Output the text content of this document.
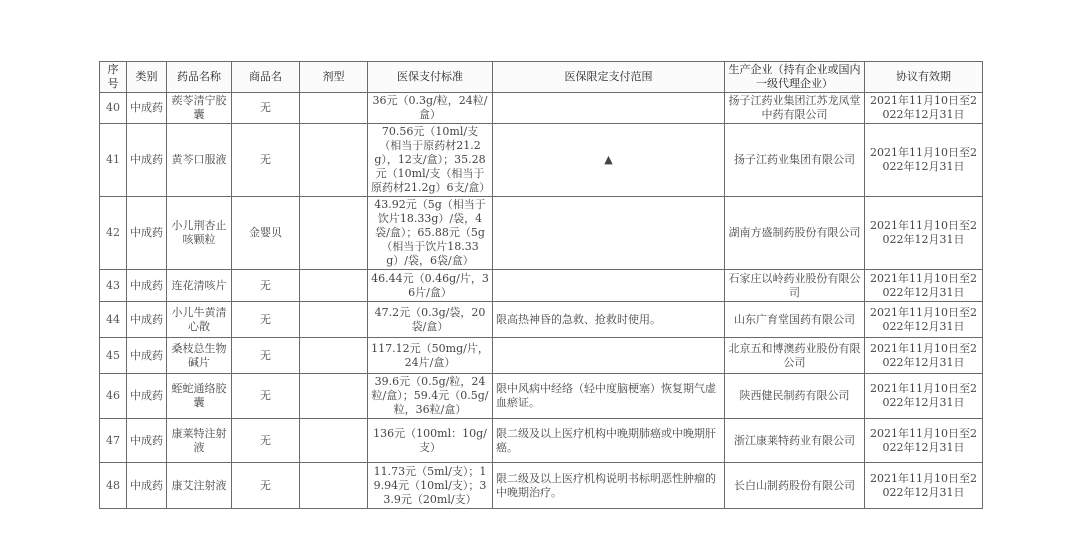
序号	类别	药品名称	商品名	剂型	医保支付标准	医保限定支付范围	生产企业（持有企业或国内一级代理企业）	协议有效期
40	中成药	蒺苓清宁胶囊	无		36元（0.3g/粒，24粒/盒）		扬子江药业集团江苏龙凤堂中药有限公司	2021年11月10日至2022年12月31日
41	中成药	黄芩口服液	无		70.56元（10ml/支（相当于原药材21.2g），12支/盒）；35.28元（10ml/支（相当于原药材21.2g）6支/盒）	▲	扬子江药业集团有限公司	2021年11月10日至2022年12月31日
42	中成药	小儿荆杏止咳颗粒	金婴贝		43.92元（5g（相当于饮片18.33g）/袋，4袋/盒）；65.88元（5g（相当于饮片18.33g）/袋，6袋/盒）		湖南方盛制药股份有限公司	2021年11月10日至2022年12月31日
43	中成药	连花清咳片	无		46.44元（0.46g/片，36片/盒）		石家庄以岭药业股份有限公司	2021年11月10日至2022年12月31日
44	中成药	小儿牛黄清心散	无		47.2元（0.3g/袋，20袋/盒）	限高热神昏的急救、抢救时使用。	山东广育堂国药有限公司	2021年11月10日至2022年12月31日
45	中成药	桑枝总生物碱片	无		117.12元（50mg/片，24片/盒）		北京五和博澳药业股份有限公司	2021年11月10日至2022年12月31日
46	中成药	蛭蛇通络胶囊	无		39.6元（0.5g/粒，24粒/盒）；59.4元（0.5g/粒，36粒/盒）	限中风病中经络（轻中度脑梗塞）恢复期气虚血瘀证。	陕西健民制药有限公司	2021年11月10日至2022年12月31日
47	中成药	康莱特注射液	无		136元（100ml：10g/支）	限二级及以上医疗机构中晚期肺癌或中晚期肝癌。	浙江康莱特药业有限公司	2021年11月10日至2022年12月31日
48	中成药	康艾注射液	无		11.73元（5ml/支）；19.94元（10ml/支）；33.9元（20ml/支）	限二级及以上医疗机构说明书标明恶性肿瘤的中晚期治疗。	长白山制药股份有限公司	2021年11月10日至2022年12月31日
